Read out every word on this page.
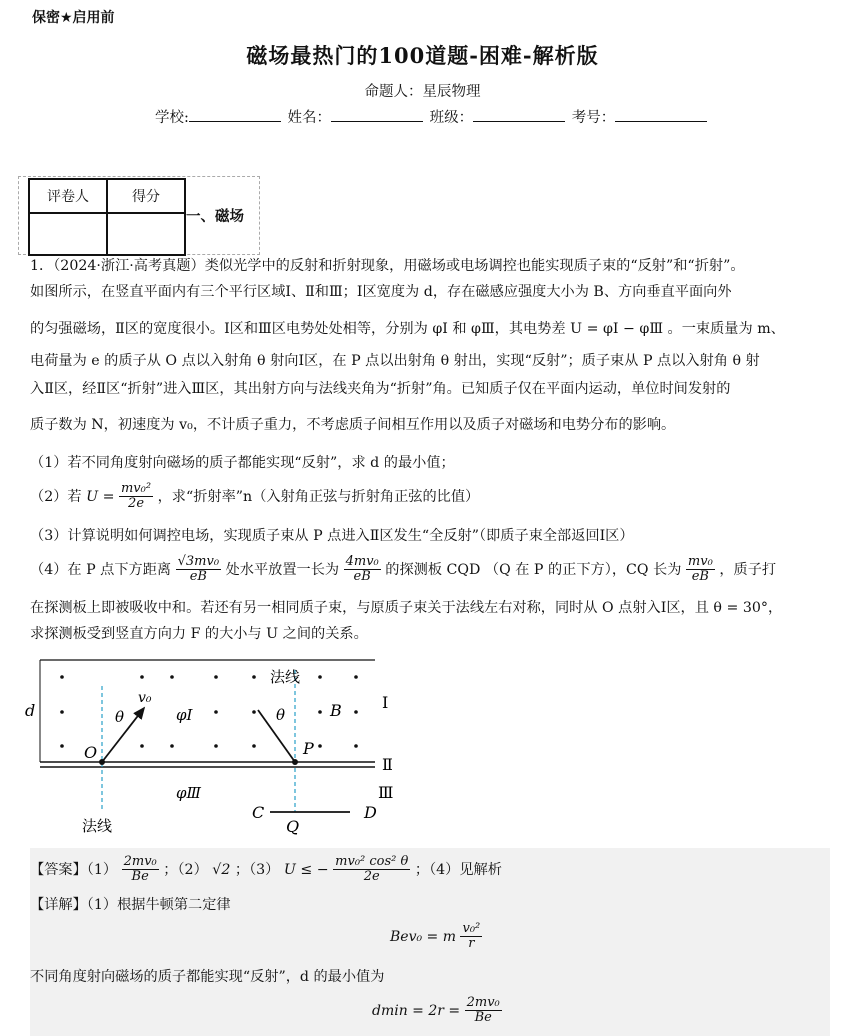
保密★启用前
磁场最热门的100道题-困难-解析版
命题人：星辰物理
学校:	姓名：	班级：	考号：
评卷人	得分

一、磁场
1．（2024·浙江·高考真题）类似光学中的反射和折射现象，用磁场或电场调控也能实现质子束的“反射”和“折射”。
如图所示，在竖直平面内有三个平行区域Ⅰ、Ⅱ和Ⅲ；Ⅰ区宽度为 d，存在磁感应强度大小为 B、方向垂直平面向外
的匀强磁场，Ⅱ区的宽度很小。Ⅰ区和Ⅲ区电势处处相等，分别为 φⅠ 和 φⅢ，其电势差 U = φⅠ − φⅢ 。一束质量为 m、
电荷量为 e 的质子从 O 点以入射角 θ 射向Ⅰ区，在 P 点以出射角 θ 射出，实现“反射”；质子束从 P 点以入射角 θ 射
入Ⅱ区，经Ⅱ区“折射”进入Ⅲ区，其出射方向与法线夹角为“折射”角。已知质子仅在平面内运动，单位时间发射的
质子数为 N，初速度为 v₀，不计质子重力，不考虑质子间相互作用以及质子对磁场和电势分布的影响。
（1）若不同角度射向磁场的质子都能实现“反射”，求 d 的最小值；
（2）若 $U = \frac{\text{mv₀²}}{2e}$ ，求“折射率”n（入射角正弦与折射角正弦的比值）
（3）计算说明如何调控电场，实现质子束从 P 点进入Ⅱ区发生“全反射”（即质子束全部返回Ⅰ区）
（4）在 P 点下方距离 $\frac{\text{√3mv₀}}{eB}$ 处水平放置一长为 $\frac{\text{4mv₀}}{eB}$ 的探测板 CQD （Q 在 P 的正下方），CQ 长为 $\frac{\text{mv₀}}{eB}$ ，质子打
在探测板上即被吸收中和。若还有另一相同质子束，与原质子束关于法线左右对称，同时从 O 点射入Ⅰ区，且 θ = 30°，
求探测板受到竖直方向力 F 的大小与 U 之间的关系。
d
法线
v₀
θ	θ
φⅠ	B	Ⅰ
O	P
Ⅱ
φⅢ	Ⅲ
C	D
Q
法线
【答案】$(1) \frac{\text{2mv₀}}{Be}$ ；（2） √2 ；（3） U ≤ − $\frac{\text{mv₀² cos² θ}}{2e}$ ；（4）见解析
【详解】（1）根据牛顿第二定律
Bev₀ = m $\frac{\text{v₀²}}{r}$
不同角度射向磁场的质子都能实现“反射”，d 的最小值为
$dmin = 2r = \frac{\text{2mv₀}}{Be}$
